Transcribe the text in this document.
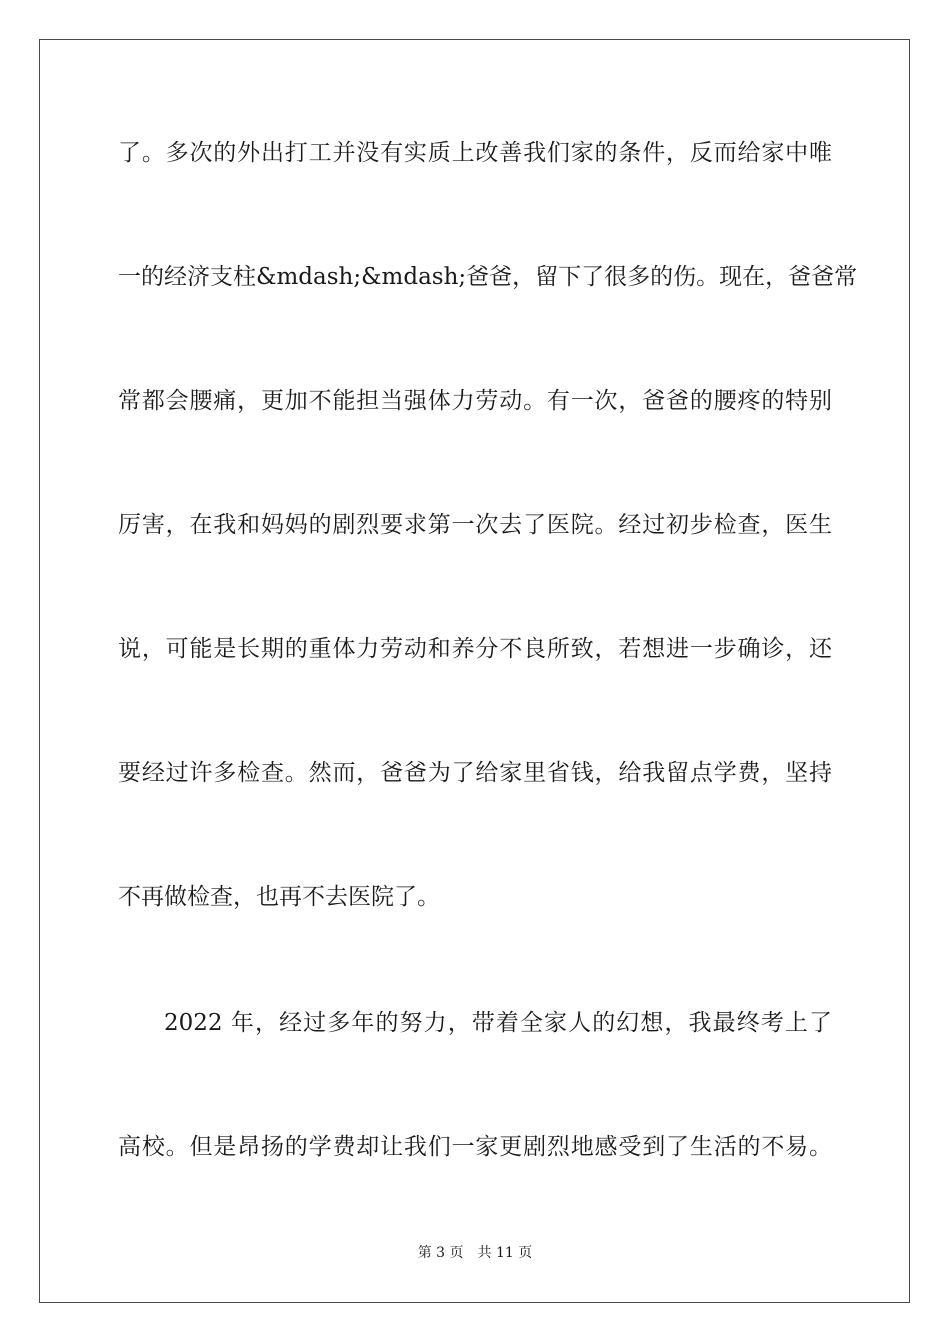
了。多次的外出打工并没有实质上改善我们家的条件，反而给家中唯
一的经济支柱&mdash;&mdash;爸爸，留下了很多的伤。现在，爸爸常
常都会腰痛，更加不能担当强体力劳动。有一次，爸爸的腰疼的特别
厉害，在我和妈妈的剧烈要求第一次去了医院。经过初步检查，医生
说，可能是长期的重体力劳动和养分不良所致，若想进一步确诊，还
要经过许多检查。然而，爸爸为了给家里省钱，给我留点学费，坚持
不再做检查，也再不去医院了。
2022 年，经过多年的努力，带着全家人的幻想，我最终考上了
高校。但是昂扬的学费却让我们一家更剧烈地感受到了生活的不易。
第 3 页 共 11 页
